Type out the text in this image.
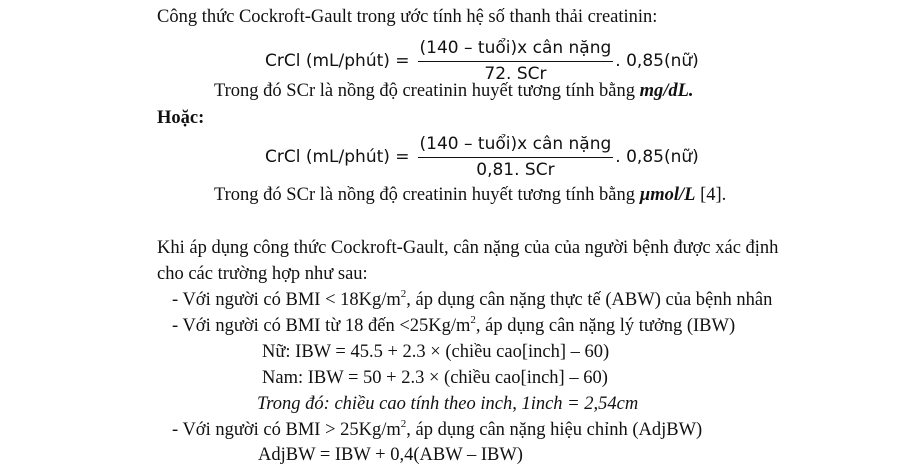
Công thức Cockroft-Gault trong ước tính hệ số thanh thải creatinin:
CrCl (mL/phút) = $\frac{\text{(140 – tuổi)x cân nặng}}{\text{72. SCr}}$ . 0,85(nữ)
Trong đó SCr là nồng độ creatinin huyết tương tính bằng mg/dL.
Hoặc:
CrCl (mL/phút) = $\frac{\text{(140 – tuổi)x cân nặng}}{\text{0,81. SCr}}$ . 0,85(nữ)
Trong đó SCr là nồng độ creatinin huyết tương tính bằng µmol/L [4].
Khi áp dụng công thức Cockroft-Gault, cân nặng của của người bệnh được xác định
cho các trường hợp như sau:
- Với người có BMI < $18Kg/m^2$, áp dụng cân nặng thực tế (ABW) của bệnh nhân
- Với người có BMI từ 18 đến $<25Kg/m^2$, áp dụng cân nặng lý tưởng (IBW)
Nữ: IBW = 45.5 + 2.3 × (chiều cao[inch] – 60)
Nam: IBW = 50 + 2.3 × (chiều cao[inch] – 60)
Trong đó: chiều cao tính theo inch, 1inch = 2,54cm
- Với người có BMI > $25Kg/m^2$, áp dụng cân nặng hiệu chỉnh (AdjBW)
AdjBW = IBW + 0,4(ABW – IBW)
